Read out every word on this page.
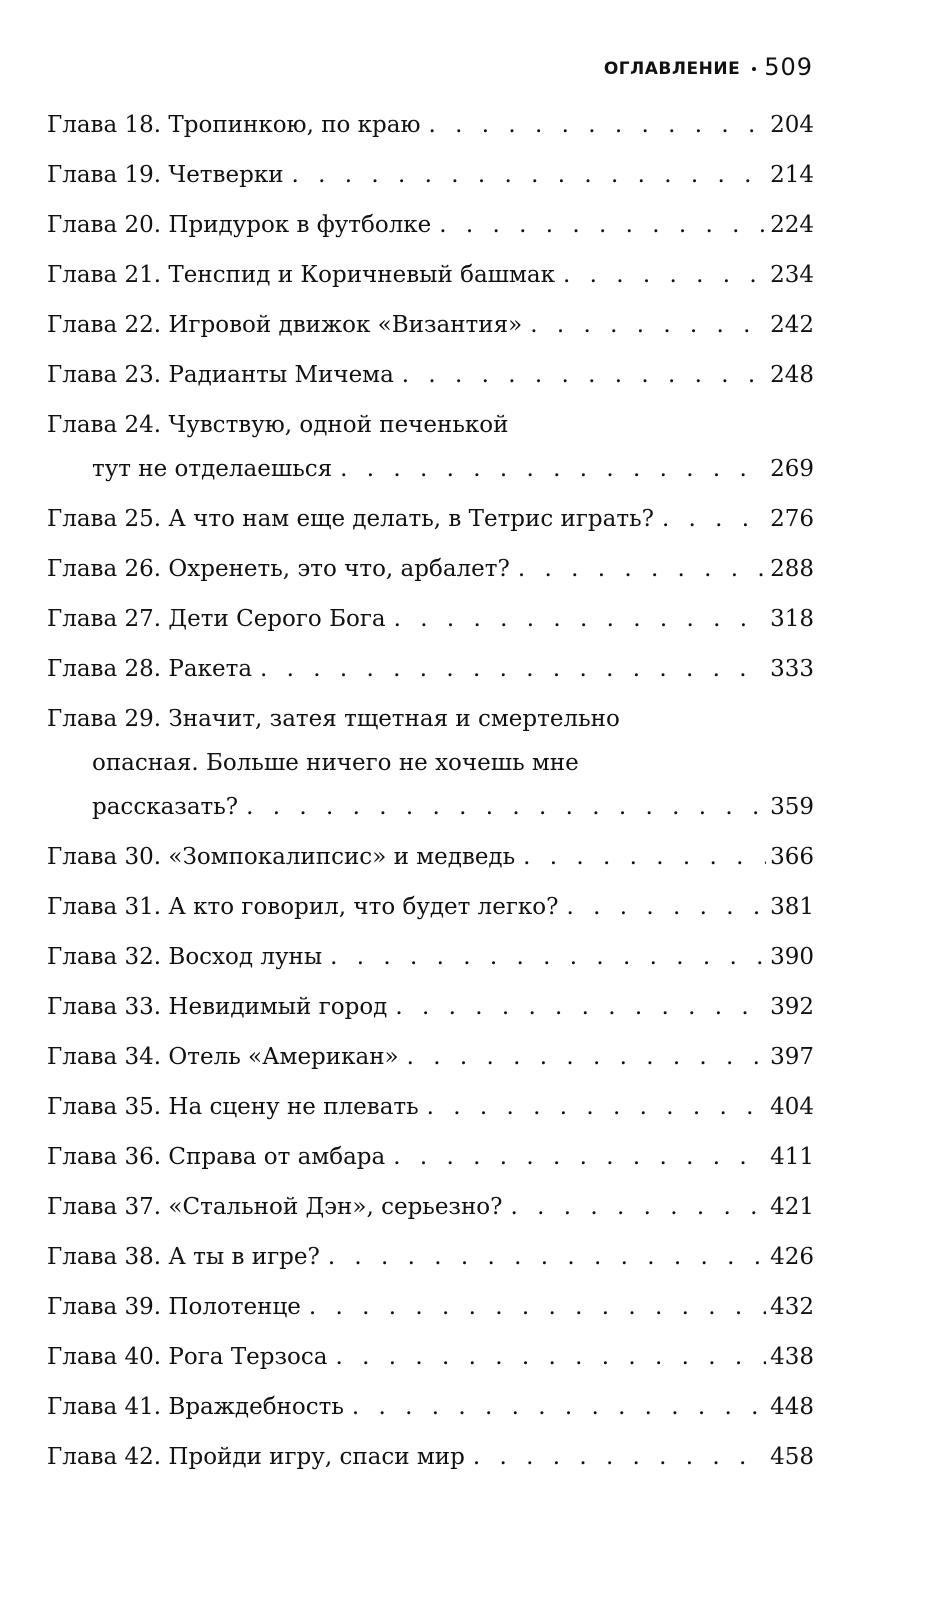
ОГЛАВЛЕНИЕ 509
Глава 18. Тропинкою, по краю . . .	204
Глава 19. Четверки . . .	214
Глава 20. Придурок в футболке . . .	224
Глава 21. Тенспид и Коричневый башмак . . .	234
Глава 22. Игровой движок «Византия» . . .	242
Глава 23. Радианты Мичема . . .	248
Глава 24. Чувствую, одной печенькой
тут не отделаешься . . .	269
Глава 25. А что нам еще делать, в Тетрис играть? . . .	276
Глава 26. Охренеть, это что, арбалет? . . .	288
Глава 27. Дети Серого Бога . . .	318
Глава 28. Ракета . . .	333
Глава 29. Значит, затея тщетная и смертельно
опасная. Больше ничего не хочешь мне
рассказать? . . .	359
Глава 30. «Зомпокалипсис» и медведь . . .	366
Глава 31. А кто говорил, что будет легко? . . .	381
Глава 32. Восход луны . . .	390
Глава 33. Невидимый город . . .	392
Глава 34. Отель «Американ» . . .	397
Глава 35. На сцену не плевать . . .	404
Глава 36. Справа от амбара . . .	411
Глава 37. «Стальной Дэн», серьезно? . . .	421
Глава 38. А ты в игре? . . .	426
Глава 39. Полотенце . . .	432
Глава 40. Рога Терзоса . . .	438
Глава 41. Враждебность . . .	448
Глава 42. Пройди игру, спаси мир . . .	458
